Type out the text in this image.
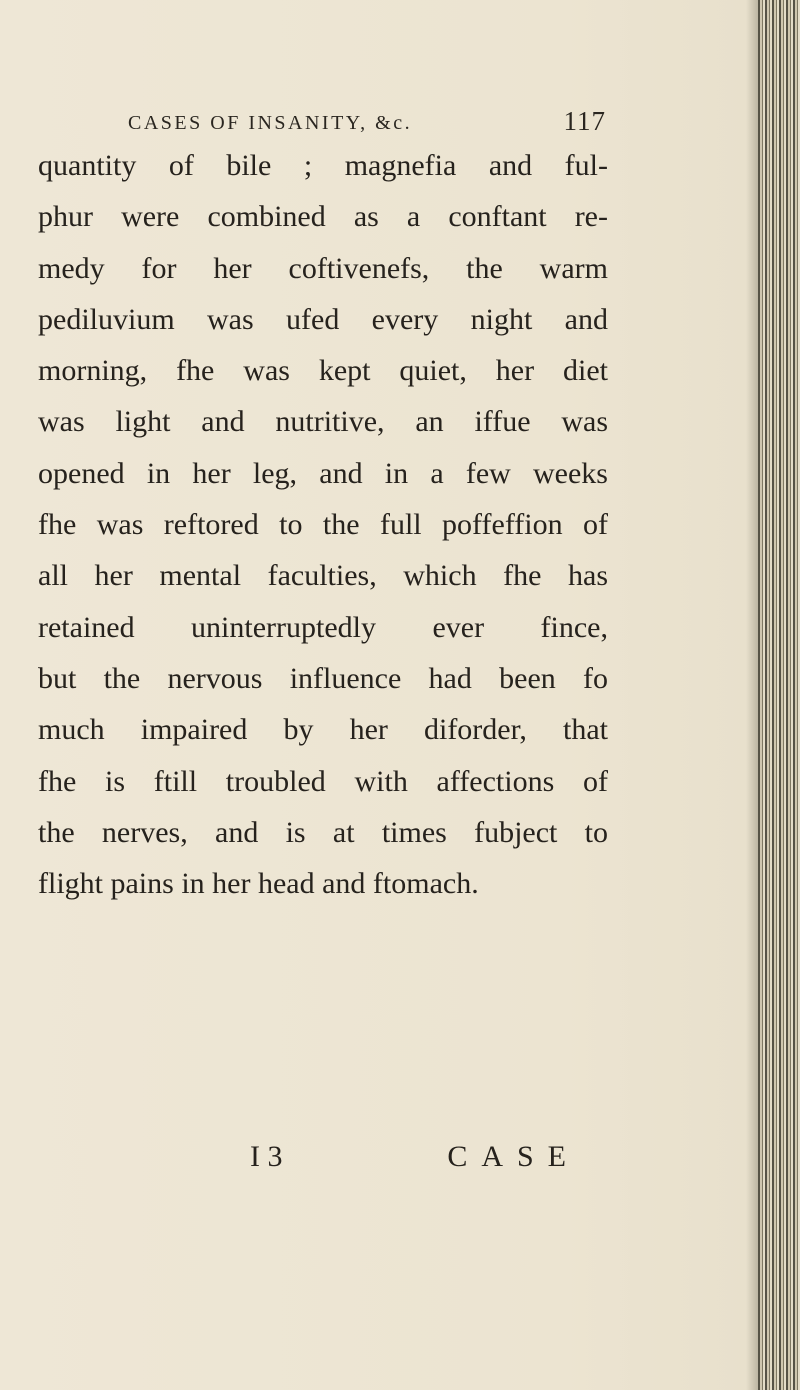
CASES OF INSANITY, &c.	117
quantity of bile ; magnefia and ful-
phur were combined as a conftant re-
medy for her coftivenefs, the warm
pediluvium was ufed every night and
morning, fhe was kept quiet, her diet
was light and nutritive, an iffue was
opened in her leg, and in a few weeks
fhe was reftored to the full poffeffion of
all her mental faculties, which fhe has
retained uninterruptedly ever fince,
but the nervous influence had been fo
much impaired by her diforder, that
fhe is ftill troubled with affections of
the nerves, and is at times fubject to
flight pains in her head and ftomach.
I 3	CASE
